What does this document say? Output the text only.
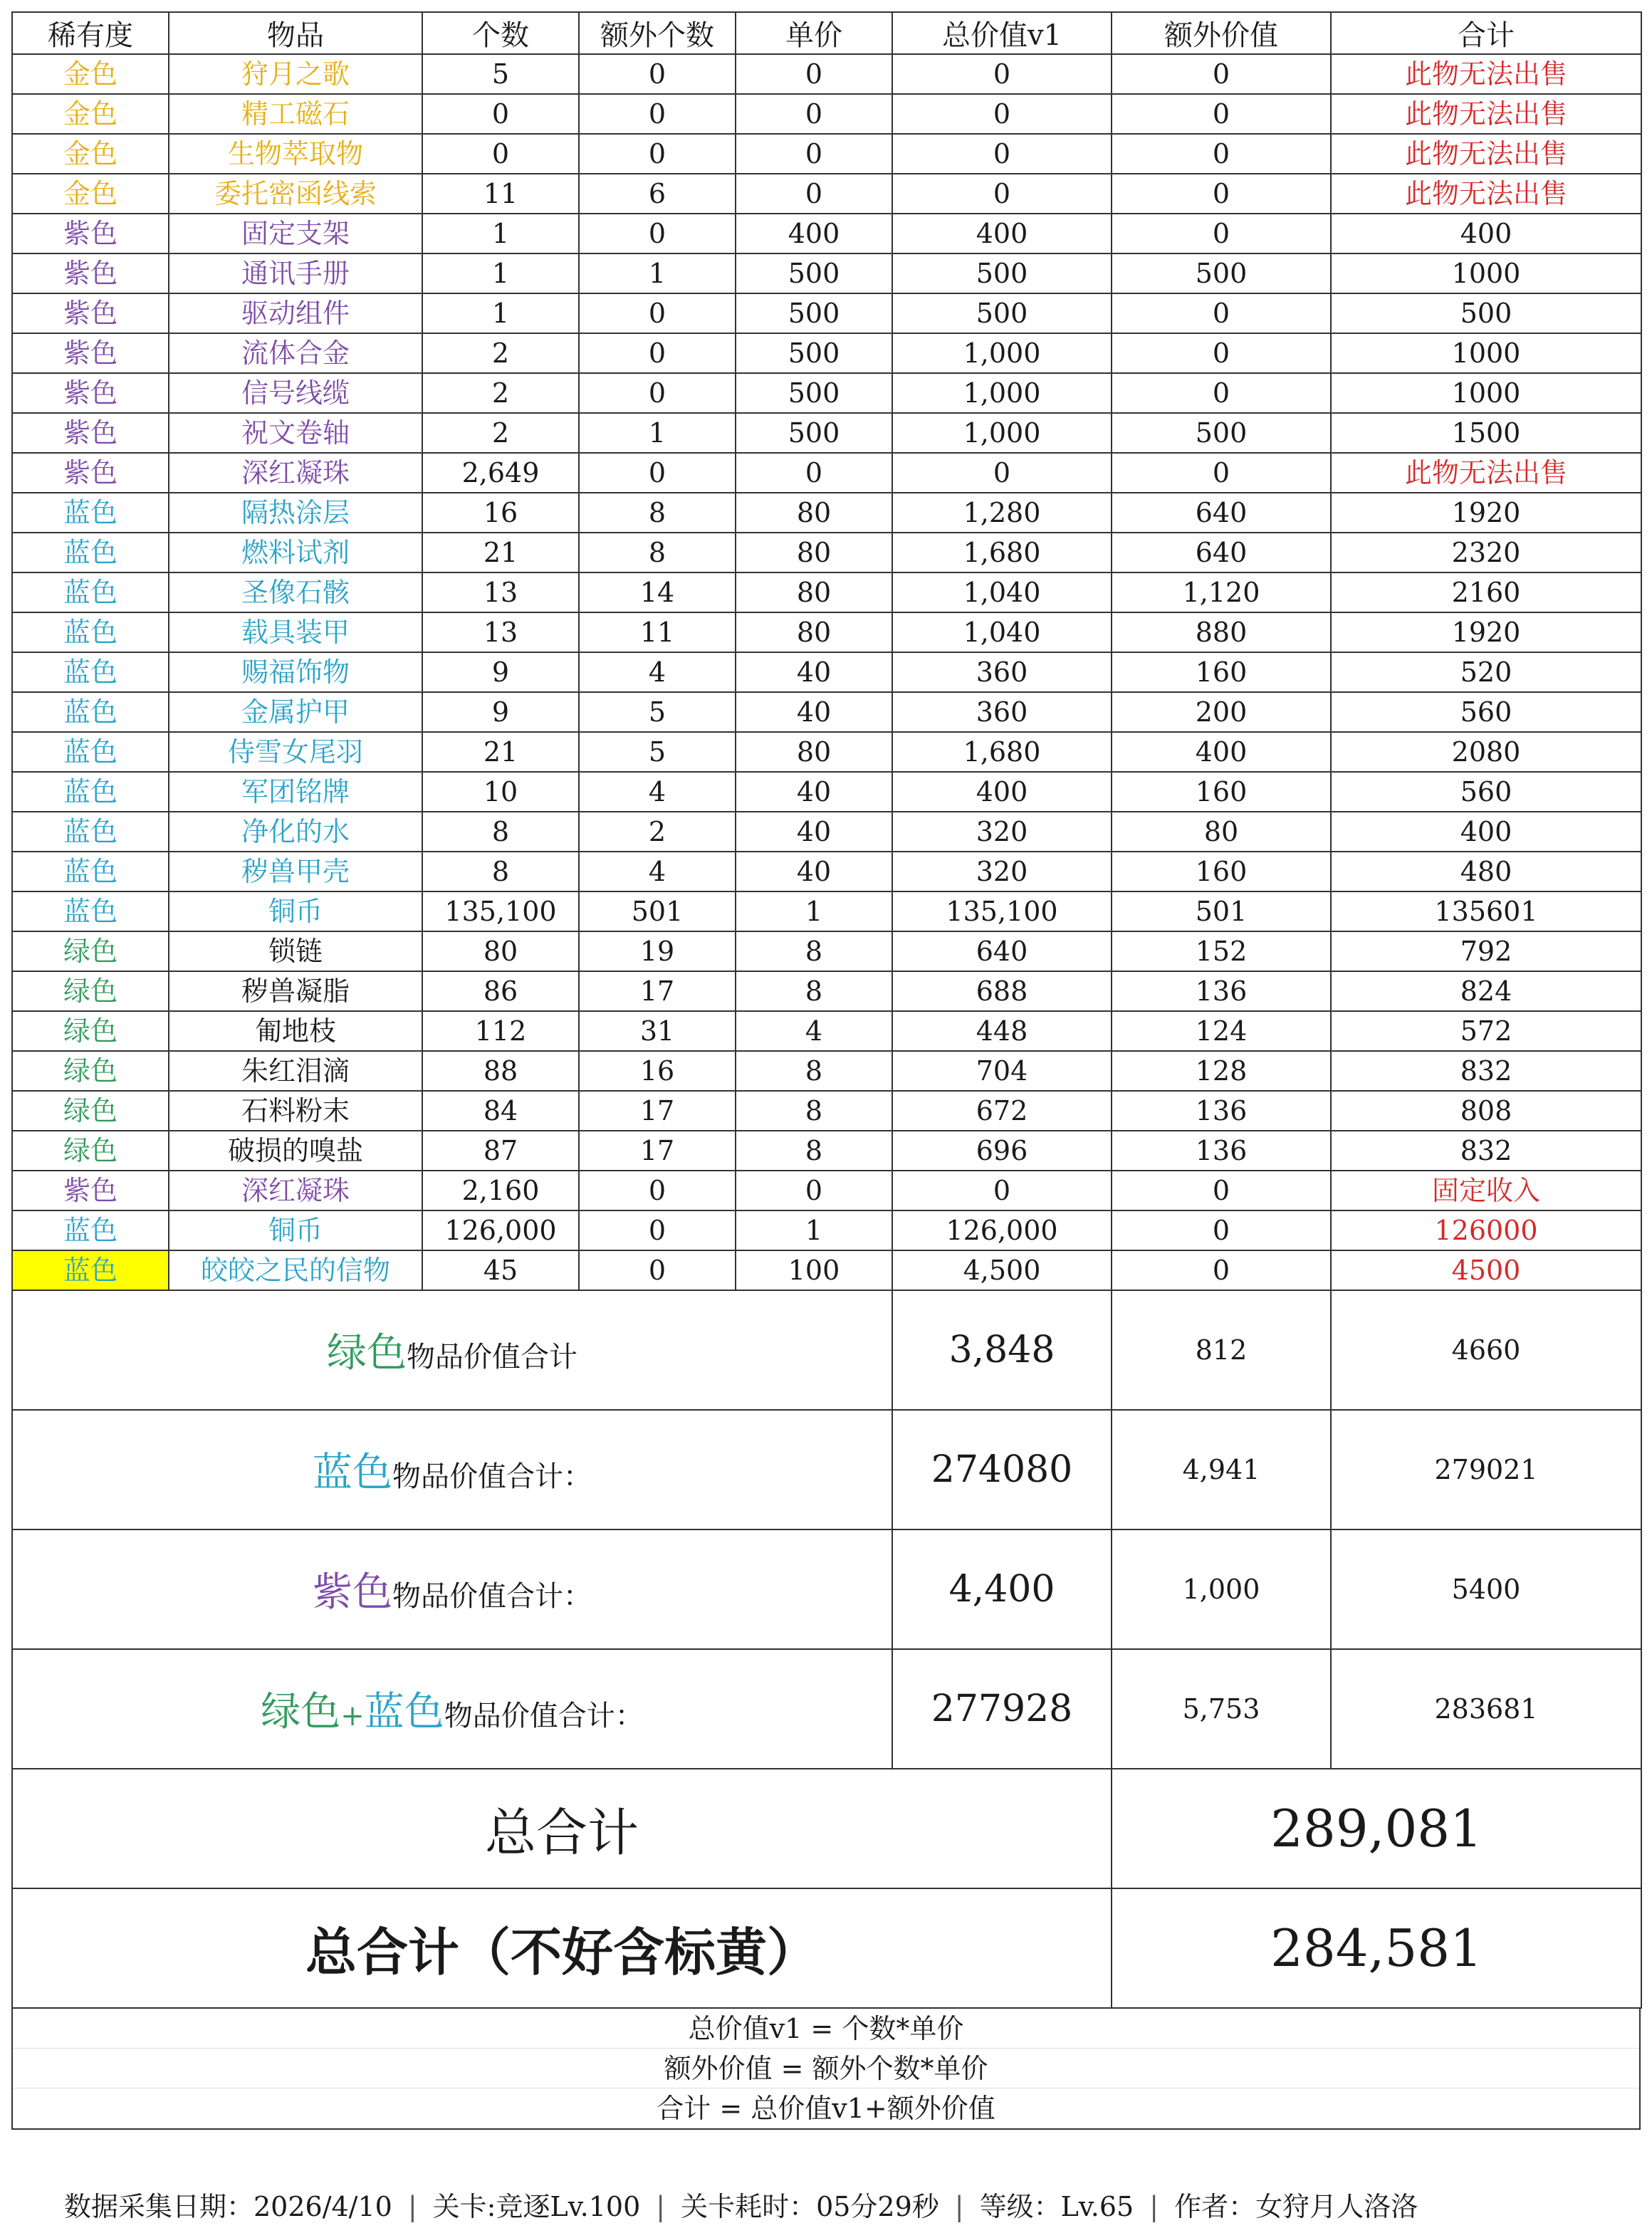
稀有度	物品	个数	额外个数	单价	总价值v1	额外价值	合计
金色	狩月之歌	5	0	0	0	0	此物无法出售
金色	精工磁石	0	0	0	0	0	此物无法出售
金色	生物萃取物	0	0	0	0	0	此物无法出售
金色	委托密函线索	11	6	0	0	0	此物无法出售
紫色	固定支架	1	0	400	400	0	400
紫色	通讯手册	1	1	500	500	500	1000
紫色	驱动组件	1	0	500	500	0	500
紫色	流体合金	2	0	500	1,000	0	1000
紫色	信号线缆	2	0	500	1,000	0	1000
紫色	祝文卷轴	2	1	500	1,000	500	1500
紫色	深红凝珠	2,649	0	0	0	0	此物无法出售
蓝色	隔热涂层	16	8	80	1,280	640	1920
蓝色	燃料试剂	21	8	80	1,680	640	2320
蓝色	圣像石骸	13	14	80	1,040	1,120	2160
蓝色	载具装甲	13	11	80	1,040	880	1920
蓝色	赐福饰物	9	4	40	360	160	520
蓝色	金属护甲	9	5	40	360	200	560
蓝色	侍雪女尾羽	21	5	80	1,680	400	2080
蓝色	军团铭牌	10	4	40	400	160	560
蓝色	净化的水	8	2	40	320	80	400
蓝色	秽兽甲壳	8	4	40	320	160	480
蓝色	铜币	135,100	501	1	135,100	501	135601
绿色	锁链	80	19	8	640	152	792
绿色	秽兽凝脂	86	17	8	688	136	824
绿色	匍地枝	112	31	4	448	124	572
绿色	朱红泪滴	88	16	8	704	128	832
绿色	石料粉末	84	17	8	672	136	808
绿色	破损的嗅盐	87	17	8	696	136	832
紫色	深红凝珠	2,160	0	0	0	0	固定收入
蓝色	铜币	126,000	0	1	126,000	0	126000
蓝色	皎皎之民的信物	45	0	100	4,500	0	4500
绿色物品价值合计					3,848	812	4660
蓝色物品价值合计：					274080	4,941	279021
紫色物品价值合计：					4,400	1,000	5400
绿色+蓝色物品价值合计：					277928	5,753	283681
总合计						289,081	
总合计（不好含标黄）						284,581	
总价值v1 = 个数*单价
额外价值 = 额外个数*单价
合计 = 总价值v1+额外价值
数据采集日期：2026/4/10 | 关卡:竞逐Lv.100 | 关卡耗时：05分29秒 | 等级：Lv.65 | 作者：女狩月人洛洛
